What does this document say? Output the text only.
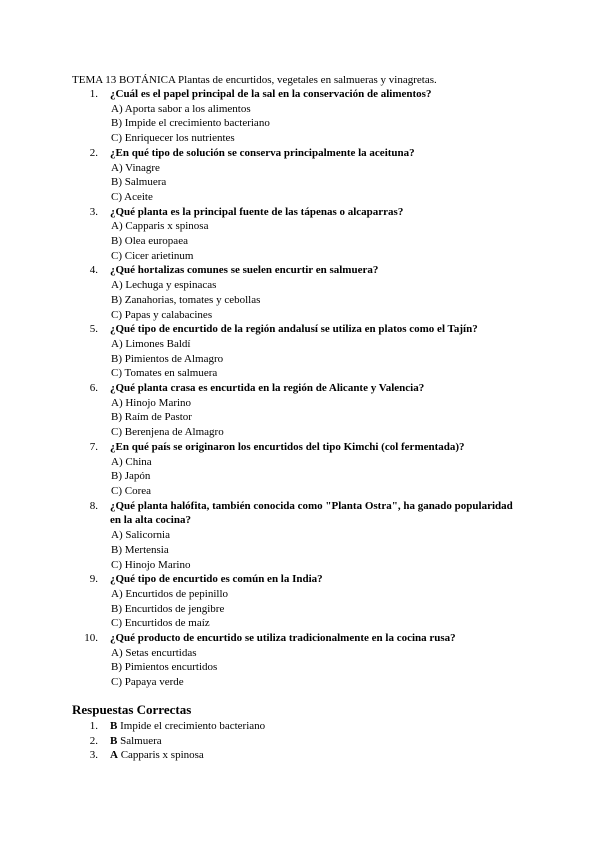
TEMA 13 BOTÁNICA Plantas de encurtidos, vegetales en salmueras y vinagretas.
1. ¿Cuál es el papel principal de la sal en la conservación de alimentos?
A) Aporta sabor a los alimentos
B) Impide el crecimiento bacteriano
C) Enriquecer los nutrientes
2. ¿En qué tipo de solución se conserva principalmente la aceituna?
A) Vinagre
B) Salmuera
C) Aceite
3. ¿Qué planta es la principal fuente de las tápenas o alcaparras?
A) Capparis x spinosa
B) Olea europaea
C) Cicer arietinum
4. ¿Qué hortalizas comunes se suelen encurtir en salmuera?
A) Lechuga y espinacas
B) Zanahorias, tomates y cebollas
C) Papas y calabacines
5. ¿Qué tipo de encurtido de la región andalusí se utiliza en platos como el Tajín?
A) Limones Baldí
B) Pimientos de Almagro
C) Tomates en salmuera
6. ¿Qué planta crasa es encurtida en la región de Alicante y Valencia?
A) Hinojo Marino
B) Raím de Pastor
C) Berenjena de Almagro
7. ¿En qué país se originaron los encurtidos del tipo Kimchi (col fermentada)?
A) China
B) Japón
C) Corea
8. ¿Qué planta halófita, también conocida como "Planta Ostra", ha ganado popularidad en la alta cocina?
A) Salicornia
B) Mertensia
C) Hinojo Marino
9. ¿Qué tipo de encurtido es común en la India?
A) Encurtidos de pepinillo
B) Encurtidos de jengibre
C) Encurtidos de maíz
10. ¿Qué producto de encurtido se utiliza tradicionalmente en la cocina rusa?
A) Setas encurtidas
B) Pimientos encurtidos
C) Papaya verde
Respuestas Correctas
1. B Impide el crecimiento bacteriano
2. B Salmuera
3. A Capparis x spinosa
